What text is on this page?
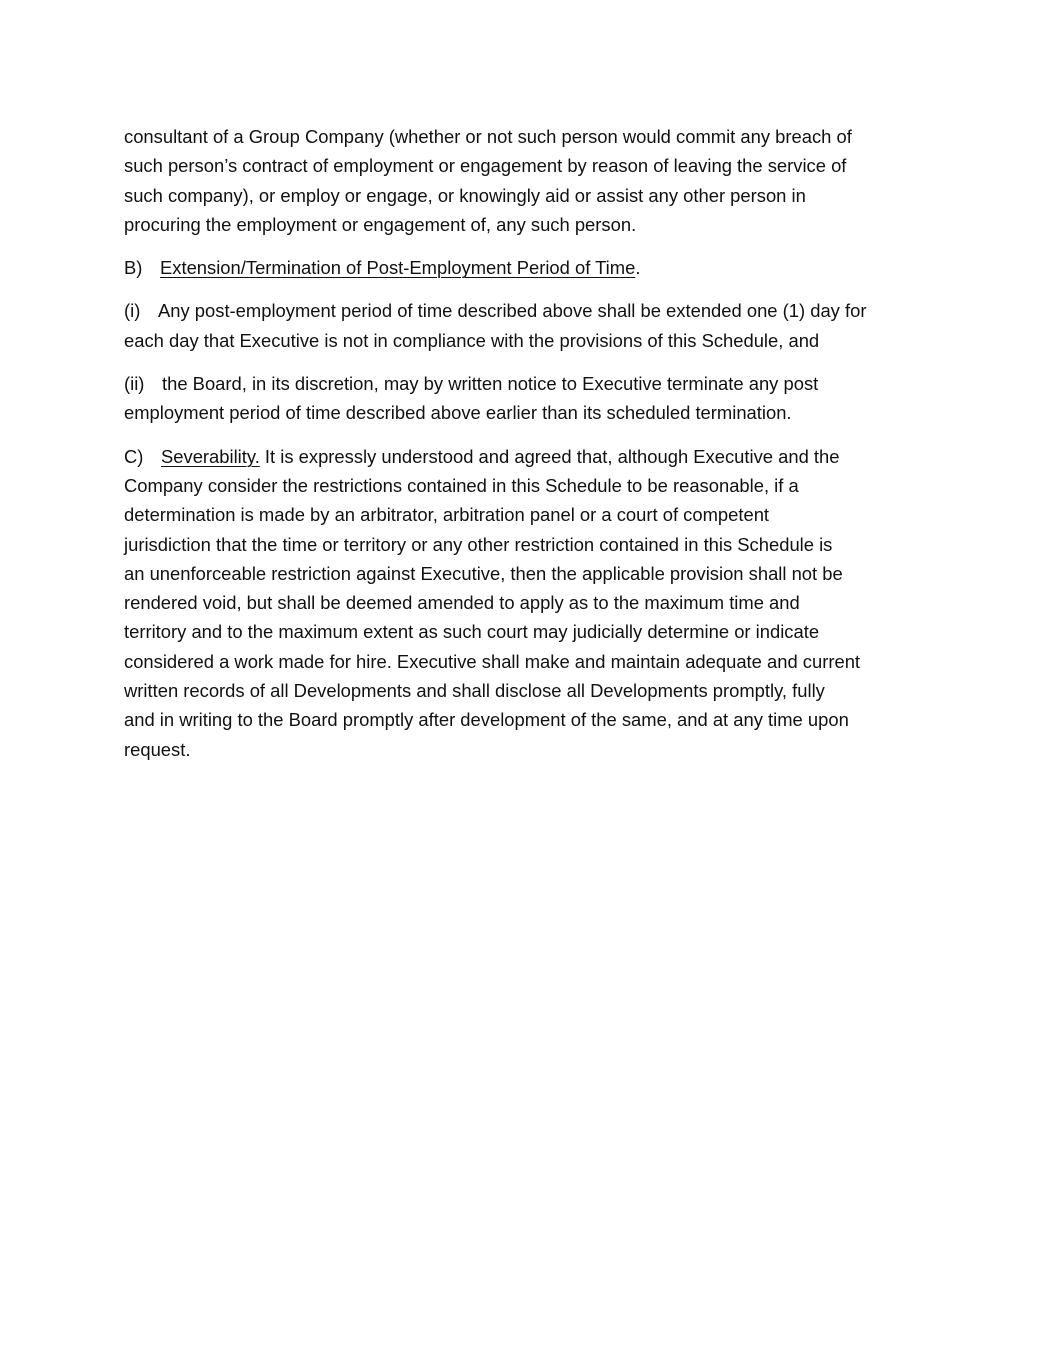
consultant of a Group Company (whether or not such person would commit any breach of
such person’s contract of employment or engagement by reason of leaving the service of
such company), or employ or engage, or knowingly aid or assist any other person in
procuring the employment or engagement of, any such person.

B) Extension/Termination of Post-Employment Period of Time.

(i) Any post-employment period of time described above shall be extended one (1) day for
each day that Executive is not in compliance with the provisions of this Schedule, and

(ii) the Board, in its discretion, may by written notice to Executive terminate any post
employment period of time described above earlier than its scheduled termination.

C) Severability. It is expressly understood and agreed that, although Executive and the
Company consider the restrictions contained in this Schedule to be reasonable, if a
determination is made by an arbitrator, arbitration panel or a court of competent
jurisdiction that the time or territory or any other restriction contained in this Schedule is
an unenforceable restriction against Executive, then the applicable provision shall not be
rendered void, but shall be deemed amended to apply as to the maximum time and
territory and to the maximum extent as such court may judicially determine or indicate
considered a work made for hire. Executive shall make and maintain adequate and current
written records of all Developments and shall disclose all Developments promptly, fully
and in writing to the Board promptly after development of the same, and at any time upon
request.
